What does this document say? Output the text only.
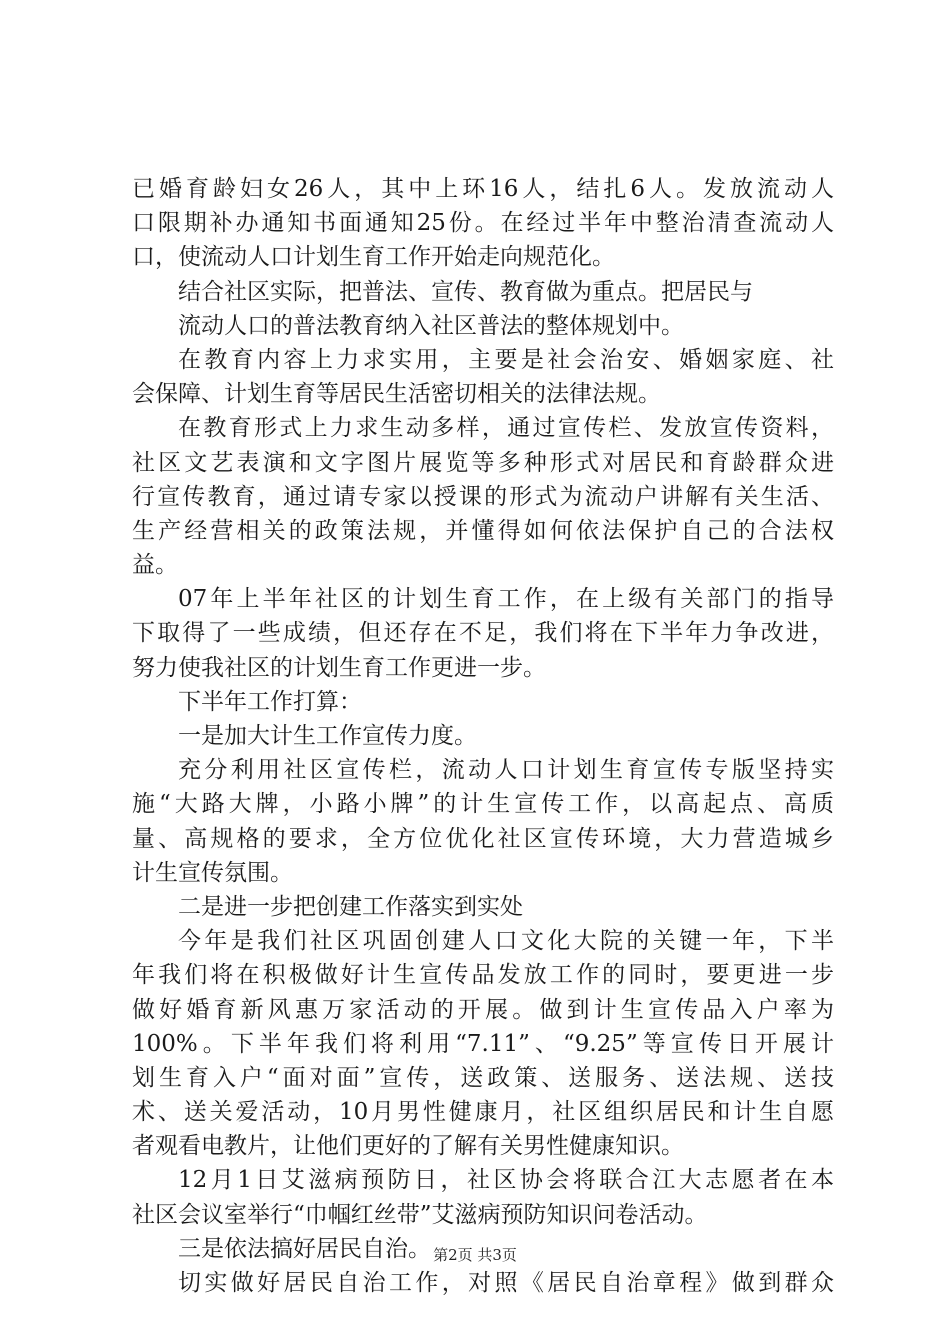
已婚育龄妇女26人，其中上环16人，结扎6人。发放流动人
口限期补办通知书面通知25份。在经过半年中整治清查流动人
口，使流动人口计划生育工作开始走向规范化。
结合社区实际，把普法、宣传、教育做为重点。把居民与
流动人口的普法教育纳入社区普法的整体规划中。
在教育内容上力求实用，主要是社会治安、婚姻家庭、社
会保障、计划生育等居民生活密切相关的法律法规。
在教育形式上力求生动多样，通过宣传栏、发放宣传资料，
社区文艺表演和文字图片展览等多种形式对居民和育龄群众进
行宣传教育，通过请专家以授课的形式为流动户讲解有关生活、
生产经营相关的政策法规，并懂得如何依法保护自己的合法权
益。
07年上半年社区的计划生育工作，在上级有关部门的指导
下取得了一些成绩，但还存在不足，我们将在下半年力争改进，
努力使我社区的计划生育工作更进一步。
下半年工作打算：
一是加大计生工作宣传力度。
充分利用社区宣传栏，流动人口计划生育宣传专版坚持实
施“大路大牌，小路小牌”的计生宣传工作，以高起点、高质
量、高规格的要求，全方位优化社区宣传环境，大力营造城乡
计生宣传氛围。
二是进一步把创建工作落实到实处
今年是我们社区巩固创建人口文化大院的关键一年，下半
年我们将在积极做好计生宣传品发放工作的同时，要更进一步
做好婚育新风惠万家活动的开展。做到计生宣传品入户率为
100%。下半年我们将利用“7.11”、“9.25”等宣传日开展计
划生育入户“面对面”宣传，送政策、送服务、送法规、送技
术、送关爱活动，10月男性健康月，社区组织居民和计生自愿
者观看电教片，让他们更好的了解有关男性健康知识。
12月1日艾滋病预防日，社区协会将联合江大志愿者在本
社区会议室举行“巾帼红丝带”艾滋病预防知识问卷活动。
三是依法搞好居民自治。
切实做好居民自治工作，对照《居民自治章程》做到群众
第2页 共3页
